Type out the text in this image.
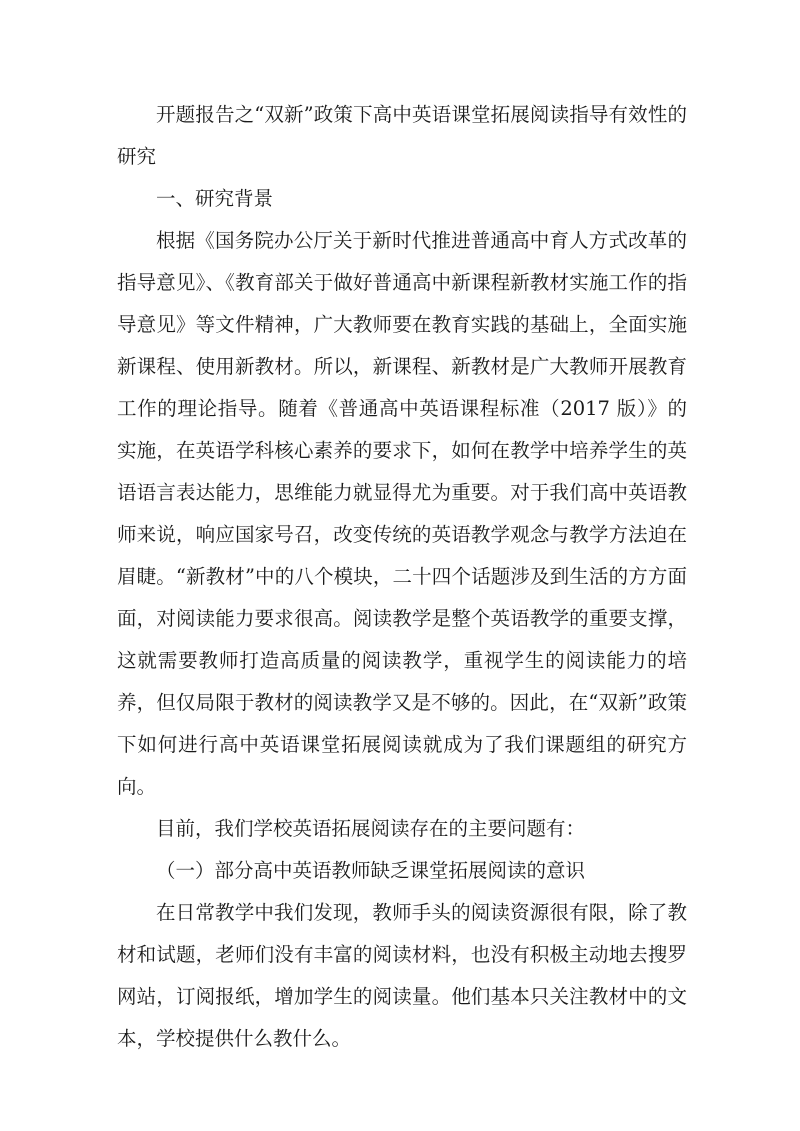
开题报告之“双新”政策下高中英语课堂拓展阅读指导有效性的研究

一、研究背景

根据《国务院办公厅关于新时代推进普通高中育人方式改革的指导意见》、《教育部关于做好普通高中新课程新教材实施工作的指导意见》等文件精神，广大教师要在教育实践的基础上，全面实施新课程、使用新教材。所以，新课程、新教材是广大教师开展教育工作的理论指导。随着《普通高中英语课程标准（2017 版）》的实施，在英语学科核心素养的要求下，如何在教学中培养学生的英语语言表达能力，思维能力就显得尤为重要。对于我们高中英语教师来说，响应国家号召，改变传统的英语教学观念与教学方法迫在眉睫。“新教材”中的八个模块，二十四个话题涉及到生活的方方面面，对阅读能力要求很高。阅读教学是整个英语教学的重要支撑，这就需要教师打造高质量的阅读教学，重视学生的阅读能力的培养，但仅局限于教材的阅读教学又是不够的。因此，在“双新”政策下如何进行高中英语课堂拓展阅读就成为了我们课题组的研究方向。

目前，我们学校英语拓展阅读存在的主要问题有：

（一）部分高中英语教师缺乏课堂拓展阅读的意识

在日常教学中我们发现，教师手头的阅读资源很有限，除了教材和试题，老师们没有丰富的阅读材料，也没有积极主动地去搜罗网站，订阅报纸，增加学生的阅读量。他们基本只关注教材中的文本，学校提供什么教什么。
